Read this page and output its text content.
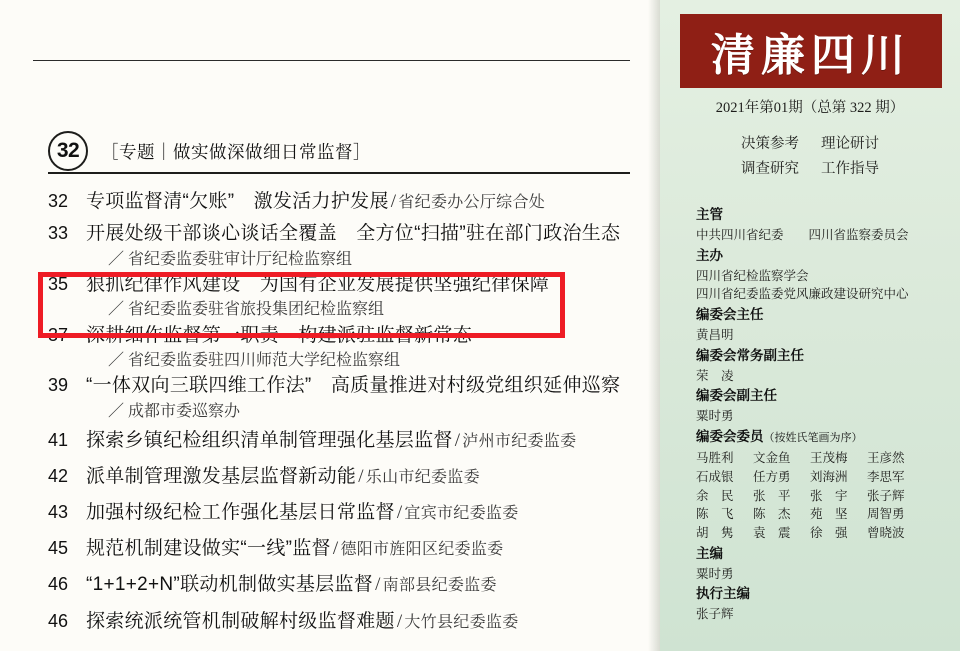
32	［专题｜做实做深做细日常监督］
32 专项监督清“欠账”　激发活力护发展 / 省纪委办公厅综合处
33 开展处级干部谈心谈话全覆盖　全方位“扫描”驻在部门政治生态
／ 省纪委监委驻审计厅纪检监察组
35 狠抓纪律作风建设　为国有企业发展提供坚强纪律保障
／ 省纪委监委驻省旅投集团纪检监察组
37 深耕细作监督第一职责　构建派驻监督新常态
／ 省纪委监委驻四川师范大学纪检监察组
39 “一体双向三联四维工作法”　高质量推进对村级党组织延伸巡察
／ 成都市委巡察办
41 探索乡镇纪检组织清单制管理强化基层监督 / 泸州市纪委监委
42 派单制管理激发基层监督新动能 / 乐山市纪委监委
43 加强村级纪检工作强化基层日常监督 / 宜宾市纪委监委
45 规范机制建设做实“一线”监督 / 德阳市旌阳区纪委监委
46 “1+1+2+N”联动机制做实基层监督 / 南部县纪委监委
46 探索统派统管机制破解村级监督难题 / 大竹县纪委监委
清廉四川
2021年第01期（总第 322 期）
决策参考 理论研讨
调查研究 工作指导
主管
中共四川省纪委　　四川省监察委员会
主办
四川省纪检监察学会
四川省纪委监委党风廉政建设研究中心
编委会主任
黄昌明
编委会常务副主任
荣　凌
编委会副主任
粟时勇
编委会委员（按姓氏笔画为序）
马胜利 文金鱼 王茂梅 王彦然
石成银 任方勇 刘海洲 李思军
余　民 张　平 张　宇 张子辉
陈　飞 陈　杰 苑　坚 周智勇
胡　隽 袁　震 徐　强 曾晓波
主编
粟时勇
执行主编
张子辉
